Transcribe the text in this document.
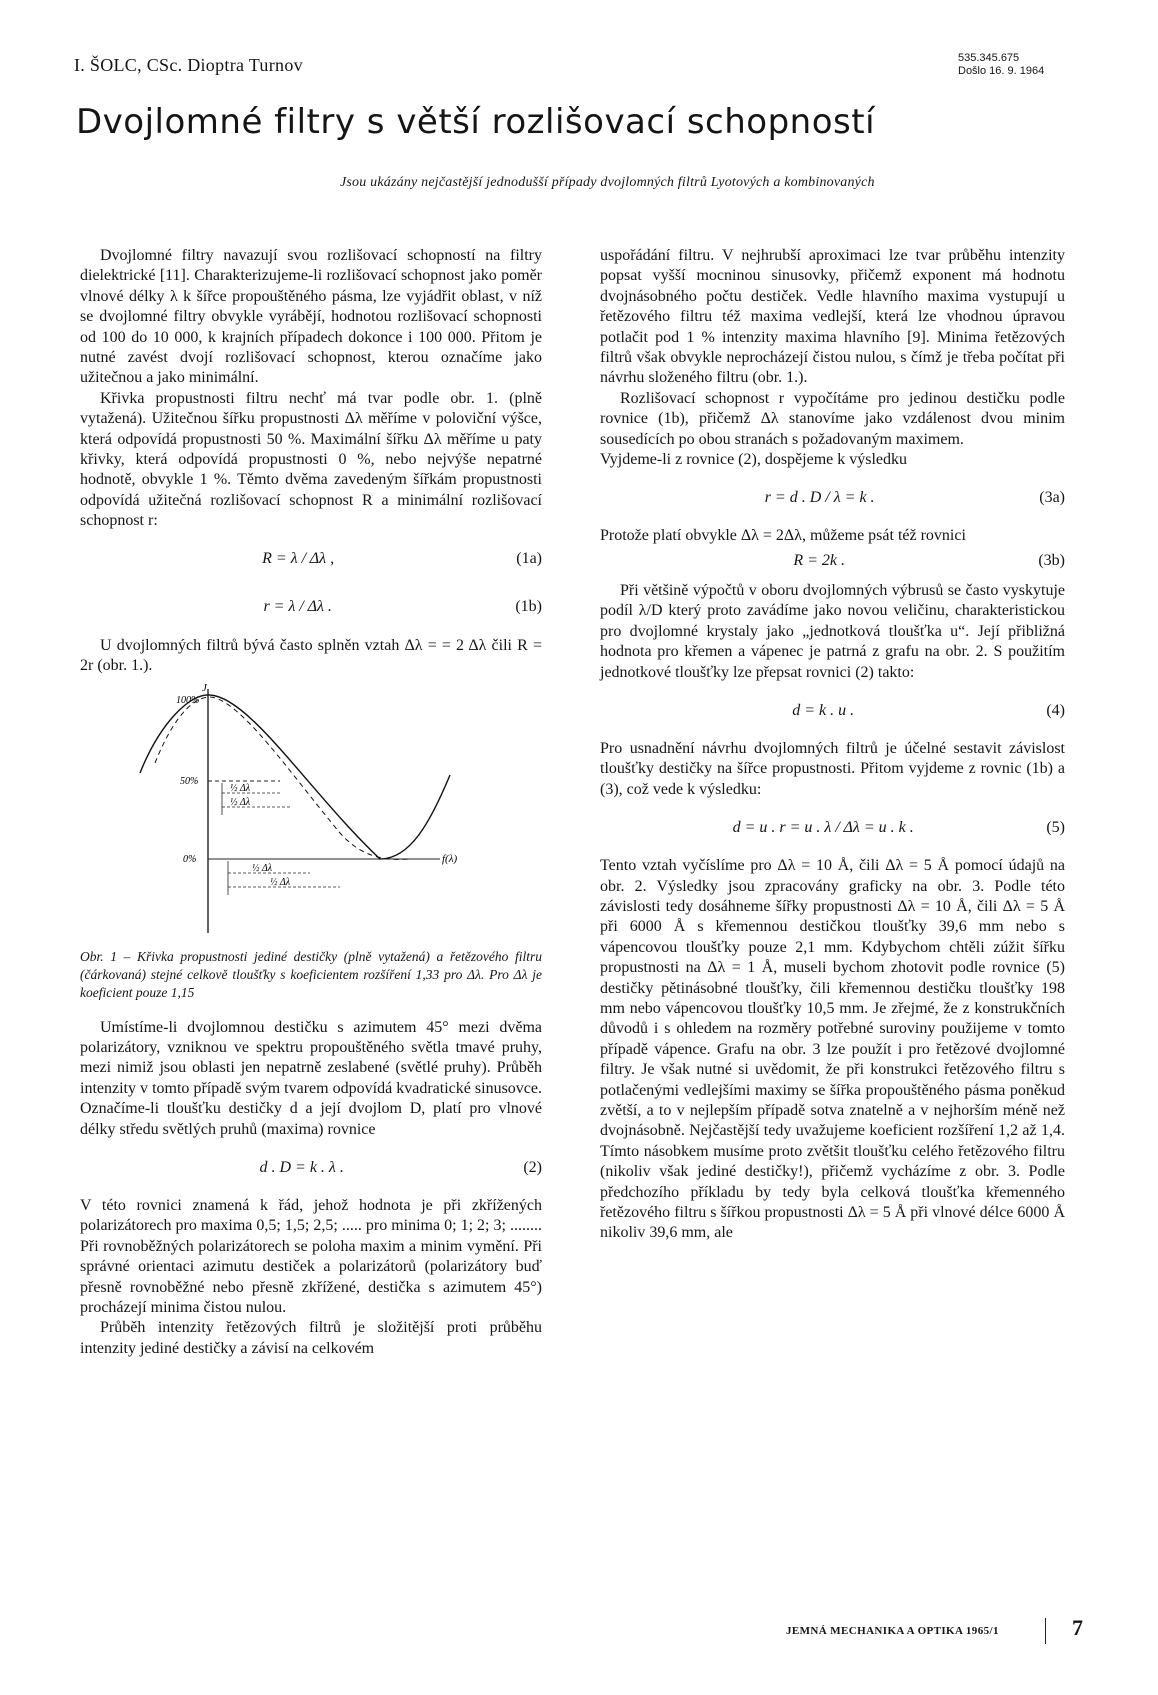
I. ŠOLC, CSc. Dioptra Turnov	535.345.675
Došlo 16. 9. 1964
Dvojlomné filtry s větší rozlišovací schopností
Jsou ukázány nejčastější jednodušší případy dvojlomných filtrů Lyotových a kombinovaných

Dvojlomné filtry navazují svou rozlišovací schopností na filtry dielektrické [11]. Charakterizujeme-li rozlišovací schopnost jako poměr vlnové délky λ k šířce propouštěného pásma, lze vyjádřit oblast, v níž se dvojlomné filtry obvykle vyrábějí, hodnotou rozlišovací schopnosti od 100 do 10 000, k krajních případech dokonce i 100 000. Přitom je nutné zavést dvojí rozlišovací schopnost, kterou označíme jako užitečnou a jako minimální.

Křivka propustnosti filtru nechť má tvar podle obr. 1. (plně vytažená). Užitečnou šířku propustnosti Δλ měříme v poloviční výšce, která odpovídá propustnosti 50 %. Maximální šířku Δλ měříme u paty křivky, která odpovídá propustnosti 0 %, nebo nejvýše nepatrné hodnotě, obvykle 1 %. Těmto dvěma zavedeným šířkám propustnosti odpovídá užitečná rozlišovací schopnost R a minimální rozlišovací schopnost r:

R = λ / Δλ ,	(1a)
r = λ / Δλ .	(1b)

U dvojlomných filtrů bývá často splněn vztah Δλ = = 2 Δλ čili R = 2r (obr. 1.).

J
100%
50%
0%	f(λ)
½ Δλ
½ Δλ
½ Δλ
½ Δλ

Obr. 1 – Křivka propustnosti jediné destičky (plně vytažená) a řetězového filtru (čárkovaná) stejné celkově tloušťky s koeficientem rozšíření 1,33 pro Δλ. Pro Δλ je koeficient pouze 1,15

Umístíme-li dvojlomnou destičku s azimutem 45° mezi dvěma polarizátory, vzniknou ve spektru propouštěného světla tmavé pruhy, mezi nimiž jsou oblasti jen nepatrně zeslabené (světlé pruhy). Průběh intenzity v tomto případě svým tvarem odpovídá kvadratické sinusovce. Označíme-li tloušťku destičky d a její dvojlom D, platí pro vlnové délky středu světlých pruhů (maxima) rovnice

d . D = k . λ .	(2)

V této rovnici znamená k řád, jehož hodnota je při zkřížených polarizátorech pro maxima 0,5; 1,5; 2,5; ..... pro minima 0; 1; 2; 3; ........ Při rovnoběžných polarizátorech se poloha maxim a minim vymění. Při správné orientaci azimutu destiček a polarizátorů (polarizátory buď přesně rovnoběžné nebo přesně zkřížené, destička s azimutem 45°) procházejí minima čistou nulou.

Průběh intenzity řetězových filtrů je složitější proti průběhu intenzity jediné destičky a závisí na celkovém

uspořádání filtru. V nejhrubší aproximaci lze tvar průběhu intenzity popsat vyšší mocninou sinusovky, přičemž exponent má hodnotu dvojnásobného počtu destiček. Vedle hlavního maxima vystupují u řetězového filtru též maxima vedlejší, která lze vhodnou úpravou potlačit pod 1 % intenzity maxima hlavního [9]. Minima řetězových filtrů však obvykle neprocházejí čistou nulou, s čímž je třeba počítat při návrhu složeného filtru (obr. 1.).

Rozlišovací schopnost r vypočítáme pro jedinou destičku podle rovnice (1b), přičemž Δλ stanovíme jako vzdálenost dvou minim sousedících po obou stranách s požadovaným maximem.

Vyjdeme-li z rovnice (2), dospějeme k výsledku

r = d . D / λ = k .	(3a)

Protože platí obvykle Δλ = 2Δλ, můžeme psát též rovnici

R = 2k .	(3b)

Při většině výpočtů v oboru dvojlomných výbrusů se často vyskytuje podíl λ/D který proto zavádíme jako novou veličinu, charakteristickou pro dvojlomné krystaly jako „jednotková tloušťka u“. Její přibližná hodnota pro křemen a vápenec je patrná z grafu na obr. 2. S použitím jednotkové tloušťky lze přepsat rovnici (2) takto:

d = k . u .	(4)

Pro usnadnění návrhu dvojlomných filtrů je účelné sestavit závislost tloušťky destičky na šířce propustnosti. Přitom vyjdeme z rovnic (1b) a (3), což vede k výsledku:

d = u . r = u . λ / Δλ = u . k .	(5)

Tento vztah vyčíslíme pro Δλ = 10 Å, čili Δλ = 5 Å pomocí údajů na obr. 2. Výsledky jsou zpracovány graficky na obr. 3. Podle této závislosti tedy dosáhneme šířky propustnosti Δλ = 10 Å, čili Δλ = 5 Å při 6000 Å s křemennou destičkou tloušťky 39,6 mm nebo s vápencovou tloušťky pouze 2,1 mm. Kdybychom chtěli zúžit šířku propustnosti na Δλ = 1 Å, museli bychom zhotovit podle rovnice (5) destičky pětinásobné tloušťky, čili křemennou destičku tloušťky 198 mm nebo vápencovou tloušťky 10,5 mm. Je zřejmé, že z konstrukčních důvodů i s ohledem na rozměry potřebné suroviny použijeme v tomto případě vápence. Grafu na obr. 3 lze použít i pro řetězové dvojlomné filtry. Je však nutné si uvědomit, že při konstrukci řetězového filtru s potlačenými vedlejšími maximy se šířka propouštěného pásma poněkud zvětší, a to v nejlepším případě sotva znatelně a v nejhorším méně než dvojnásobně. Nejčastější tedy uvažujeme koeficient rozšíření 1,2 až 1,4. Tímto násobkem musíme proto zvětšit tloušťku celého řetězového filtru (nikoliv však jediné destičky!), přičemž vycházíme z obr. 3. Podle předchozího příkladu by tedy byla celková tloušťka křemenného řetězového filtru s šířkou propustnosti Δλ = 5 Å při vlnové délce 6000 Å nikoliv 39,6 mm, ale

JEMNÁ MECHANIKA A OPTIKA 1965/1	7
